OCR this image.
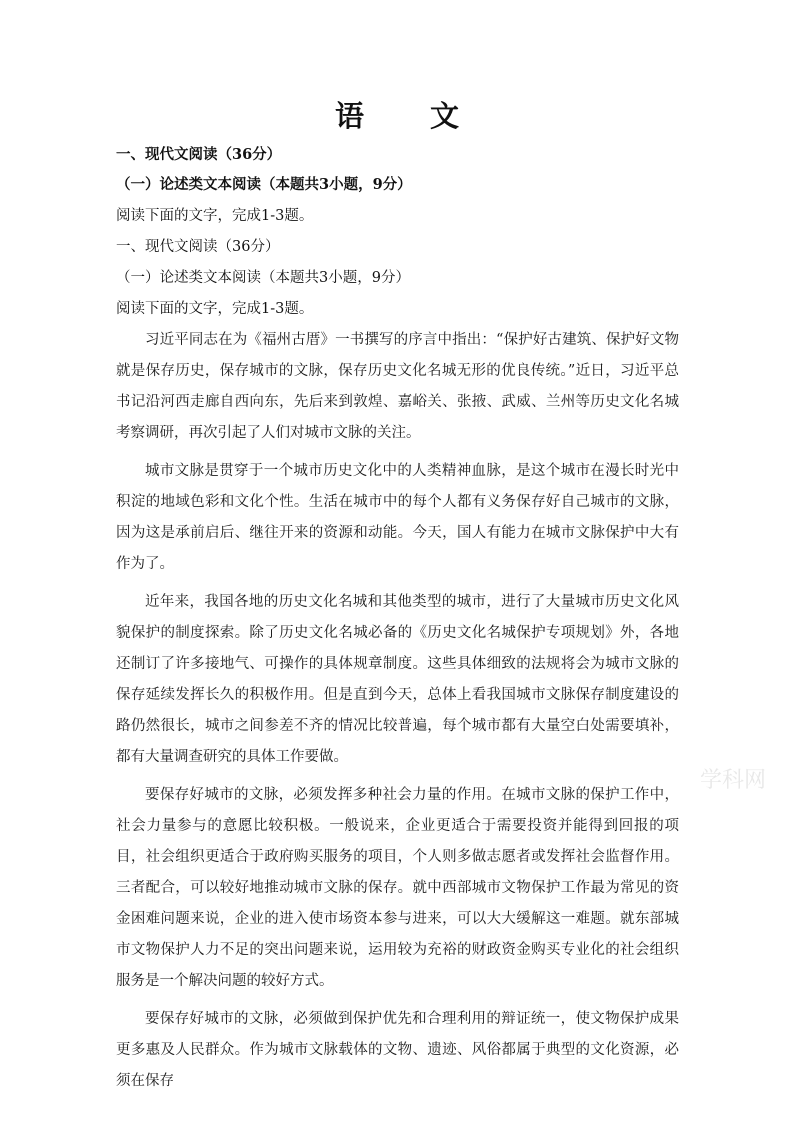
语 文
一、现代文阅读（36分）
（一）论述类文本阅读（本题共3小题，9分）
阅读下面的文字，完成1-3题。
一、现代文阅读（36分）
（一）论述类文本阅读（本题共3小题，9分）
阅读下面的文字，完成1-3题。

习近平同志在为《福州古厝》一书撰写的序言中指出：“保护好古建筑、保护好文物就是保存历史，保存城市的文脉，保存历史文化名城无形的优良传统。”近日，习近平总书记沿河西走廊自西向东，先后来到敦煌、嘉峪关、张掖、武威、兰州等历史文化名城考察调研，再次引起了人们对城市文脉的关注。

城市文脉是贯穿于一个城市历史文化中的人类精神血脉，是这个城市在漫长时光中积淀的地域色彩和文化个性。生活在城市中的每个人都有义务保存好自己城市的文脉，因为这是承前启后、继往开来的资源和动能。今天，国人有能力在城市文脉保护中大有作为了。

近年来，我国各地的历史文化名城和其他类型的城市，进行了大量城市历史文化风貌保护的制度探索。除了历史文化名城必备的《历史文化名城保护专项规划》外，各地还制订了许多接地气、可操作的具体规章制度。这些具体细致的法规将会为城市文脉的保存延续发挥长久的积极作用。但是直到今天，总体上看我国城市文脉保存制度建设的路仍然很长，城市之间参差不齐的情况比较普遍，每个城市都有大量空白处需要填补，都有大量调查研究的具体工作要做。

要保存好城市的文脉，必须发挥多种社会力量的作用。在城市文脉的保护工作中，社会力量参与的意愿比较积极。一般说来，企业更适合于需要投资并能得到回报的项目，社会组织更适合于政府购买服务的项目，个人则多做志愿者或发挥社会监督作用。三者配合，可以较好地推动城市文脉的保存。就中西部城市文物保护工作最为常见的资金困难问题来说，企业的进入使市场资本参与进来，可以大大缓解这一难题。就东部城市文物保护人力不足的突出问题来说，运用较为充裕的财政资金购买专业化的社会组织服务是一个解决问题的较好方式。

要保存好城市的文脉，必须做到保护优先和合理利用的辩证统一，使文物保护成果更多惠及人民群众。作为城市文脉载体的文物、遗迹、风俗都属于典型的文化资源，必须在保存

学科网
